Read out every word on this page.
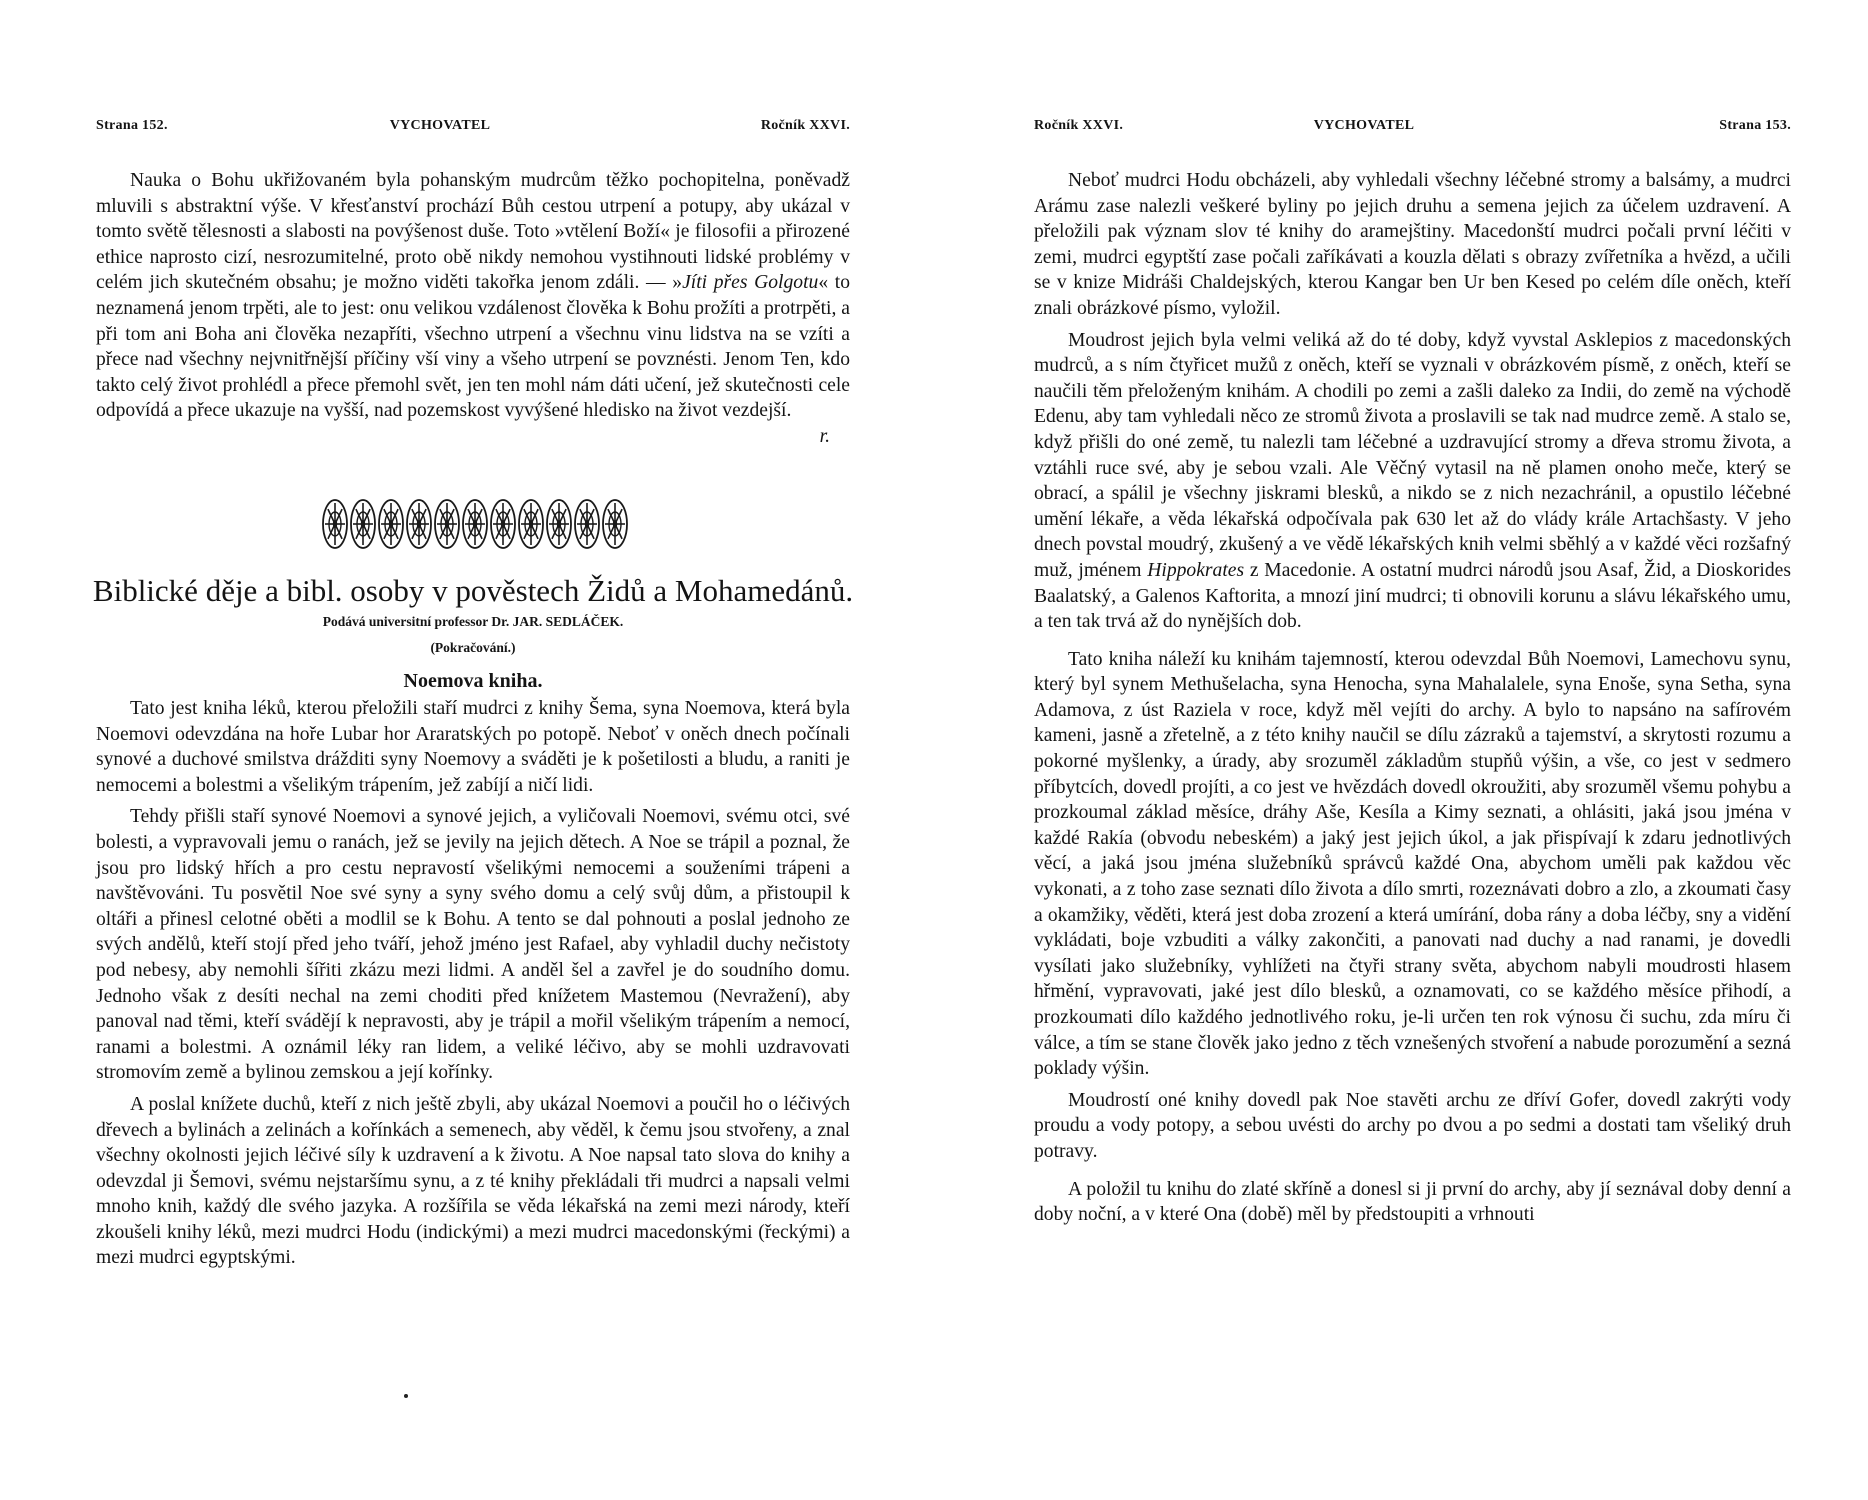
Strana 152.	VYCHOVATEL	Ročník XXVI.

Nauka o Bohu ukřižovaném byla pohanským mudrcům těžko pochopitelna, poněvadž mluvili s abstraktní výše. V křesťanství prochází Bůh cestou utrpení a potupy, aby ukázal v tomto světě tělesnosti a slabosti na povýšenost duše. Toto »vtělení Boží« je filosofii a přirozené ethice naprosto cizí, nesrozumitelné, proto obě nikdy nemohou vystihnouti lidské problémy v celém jich skutečném obsahu; je možno viděti takořka jenom zdáli. — »Jíti přes Golgotu« to neznamená jenom trpěti, ale to jest: onu velikou vzdálenost člověka k Bohu prožíti a protrpěti, a při tom ani Boha ani člověka nezapříti, všechno utrpení a všechnu vinu lidstva na se vzíti a přece nad všechny nejvnitřnější příčiny vší viny a všeho utrpení se povznésti. Jenom Ten, kdo takto celý život prohlédl a přece přemohl svět, jen ten mohl nám dáti učení, jež skutečnosti cele odpovídá a přece ukazuje na vyšší, nad pozemskost vyvýšené hledisko na život vezdejší.

r.
Biblické děje a bibl. osoby v pověstech Židů a Mohamedánů.
Podává universitní professor Dr. JAR. SEDLÁČEK.
(Pokračování.)
Noemova kniha.

Tato jest kniha léků, kterou přeložili staří mudrci z knihy Šema, syna Noemova, která byla Noemovi odevzdána na hoře Lubar hor Araratských po potopě. Neboť v oněch dnech počínali synové a duchové smilstva drážditi syny Noemovy a sváděti je k pošetilosti a bludu, a raniti je nemocemi a bolestmi a všelikým trápením, jež zabíjí a ničí lidi.

Tehdy přišli staří synové Noemovi a synové jejich, a vyličovali Noemovi, svému otci, své bolesti, a vypravovali jemu o ranách, jež se jevily na jejich dětech. A Noe se trápil a poznal, že jsou pro lidský hřích a pro cestu nepravostí všelikými nemocemi a souženími trápeni a navštěvováni. Tu posvětil Noe své syny a syny svého domu a celý svůj dům, a přistoupil k oltáři a přinesl celotné oběti a modlil se k Bohu. A tento se dal pohnouti a poslal jednoho ze svých andělů, kteří stojí před jeho tváří, jehož jméno jest Rafael, aby vyhladil duchy nečistoty pod nebesy, aby nemohli šířiti zkázu mezi lidmi. A anděl šel a zavřel je do soudního domu. Jednoho však z desíti nechal na zemi choditi před knížetem Mastemou (Nevražení), aby panoval nad těmi, kteří svádějí k nepravosti, aby je trápil a mořil všelikým trápením a nemocí, ranami a bolestmi. A oznámil léky ran lidem, a veliké léčivo, aby se mohli uzdravovati stromovím země a bylinou zemskou a její kořínky.

A poslal knížete duchů, kteří z nich ještě zbyli, aby ukázal Noemovi a poučil ho o léčivých dřevech a bylinách a zelinách a kořínkách a semenech, aby věděl, k čemu jsou stvořeny, a znal všechny okolnosti jejich léčivé síly k uzdravení a k životu. A Noe napsal tato slova do knihy a odevzdal ji Šemovi, svému nejstaršímu synu, a z té knihy překládali tři mudrci a napsali velmi mnoho knih, každý dle svého jazyka. A rozšířila se věda lékařská na zemi mezi národy, kteří zkoušeli knihy léků, mezi mudrci Hodu (indickými) a mezi mudrci macedonskými (řeckými) a mezi mudrci egyptskými.

Ročník XXVI.	VYCHOVATEL	Strana 153.

Neboť mudrci Hodu obcházeli, aby vyhledali všechny léčebné stromy a balsámy, a mudrci Arámu zase nalezli veškeré byliny po jejich druhu a semena jejich za účelem uzdravení. A přeložili pak význam slov té knihy do aramejštiny. Macedonští mudrci počali první léčiti v zemi, mudrci egyptští zase počali zaříkávati a kouzla dělati s obrazy zvířetníka a hvězd, a učili se v knize Midráši Chaldejských, kterou Kangar ben Ur ben Kesed po celém díle oněch, kteří znali obrázkové písmo, vyložil.

Moudrost jejich byla velmi veliká až do té doby, když vyvstal Asklepios z macedonských mudrců, a s ním čtyřicet mužů z oněch, kteří se vyznali v obrázkovém písmě, z oněch, kteří se naučili těm přeloženým knihám. A chodili po zemi a zašli daleko za Indii, do země na východě Edenu, aby tam vyhledali něco ze stromů života a proslavili se tak nad mudrce země. A stalo se, když přišli do oné země, tu nalezli tam léčebné a uzdravující stromy a dřeva stromu života, a vztáhli ruce své, aby je sebou vzali. Ale Věčný vytasil na ně plamen onoho meče, který se obrací, a spálil je všechny jiskrami blesků, a nikdo se z nich nezachránil, a opustilo léčebné umění lékaře, a věda lékařská odpočívala pak 630 let až do vlády krále Artachšasty. V jeho dnech povstal moudrý, zkušený a ve vědě lékařských knih velmi sběhlý a v každé věci rozšafný muž, jménem Hippokrates z Macedonie. A ostatní mudrci národů jsou Asaf, Žid, a Dioskorides Baalatský, a Galenos Kaftorita, a mnozí jiní mudrci; ti obnovili korunu a slávu lékařského umu, a ten tak trvá až do nynějších dob.

Tato kniha náleží ku knihám tajemností, kterou odevzdal Bůh Noemovi, Lamechovu synu, který byl synem Methušelacha, syna Henocha, syna Mahalalele, syna Enoše, syna Setha, syna Adamova, z úst Raziela v roce, když měl vejíti do archy. A bylo to napsáno na safírovém kameni, jasně a zřetelně, a z této knihy naučil se dílu zázraků a tajemství, a skrytosti rozumu a pokorné myšlenky, a úrady, aby srozuměl základům stupňů výšin, a vše, co jest v sedmero příbytcích, dovedl projíti, a co jest ve hvězdách dovedl okroužiti, aby srozuměl všemu pohybu a prozkoumal základ měsíce, dráhy Aše, Kesíla a Kimy seznati, a ohlásiti, jaká jsou jména v každé Rakía (obvodu nebeském) a jaký jest jejich úkol, a jak přispívají k zdaru jednotlivých věcí, a jaká jsou jména služebníků správců každé Ona, abychom uměli pak každou věc vykonati, a z toho zase seznati dílo života a dílo smrti, rozeznávati dobro a zlo, a zkoumati časy a okamžiky, věděti, která jest doba zrození a která umírání, doba rány a doba léčby, sny a vidění vykládati, boje vzbuditi a války zakončiti, a panovati nad duchy a nad ranami, je dovedli vysílati jako služebníky, vyhlížeti na čtyři strany světa, abychom nabyli moudrosti hlasem hřmění, vypravovati, jaké jest dílo blesků, a oznamovati, co se každého měsíce přihodí, a prozkoumati dílo každého jednotlivého roku, je-li určen ten rok výnosu či suchu, zda míru či válce, a tím se stane člověk jako jedno z těch vznešených stvoření a nabude porozumění a sezná poklady výšin.

Moudrostí oné knihy dovedl pak Noe stavěti archu ze dříví Gofer, dovedl zakrýti vody proudu a vody potopy, a sebou uvésti do archy po dvou a po sedmi a dostati tam všeliký druh potravy.

A položil tu knihu do zlaté skříně a donesl si ji první do archy, aby jí seznával doby denní a doby noční, a v které Ona (době) měl by předstoupiti a vrhnouti
